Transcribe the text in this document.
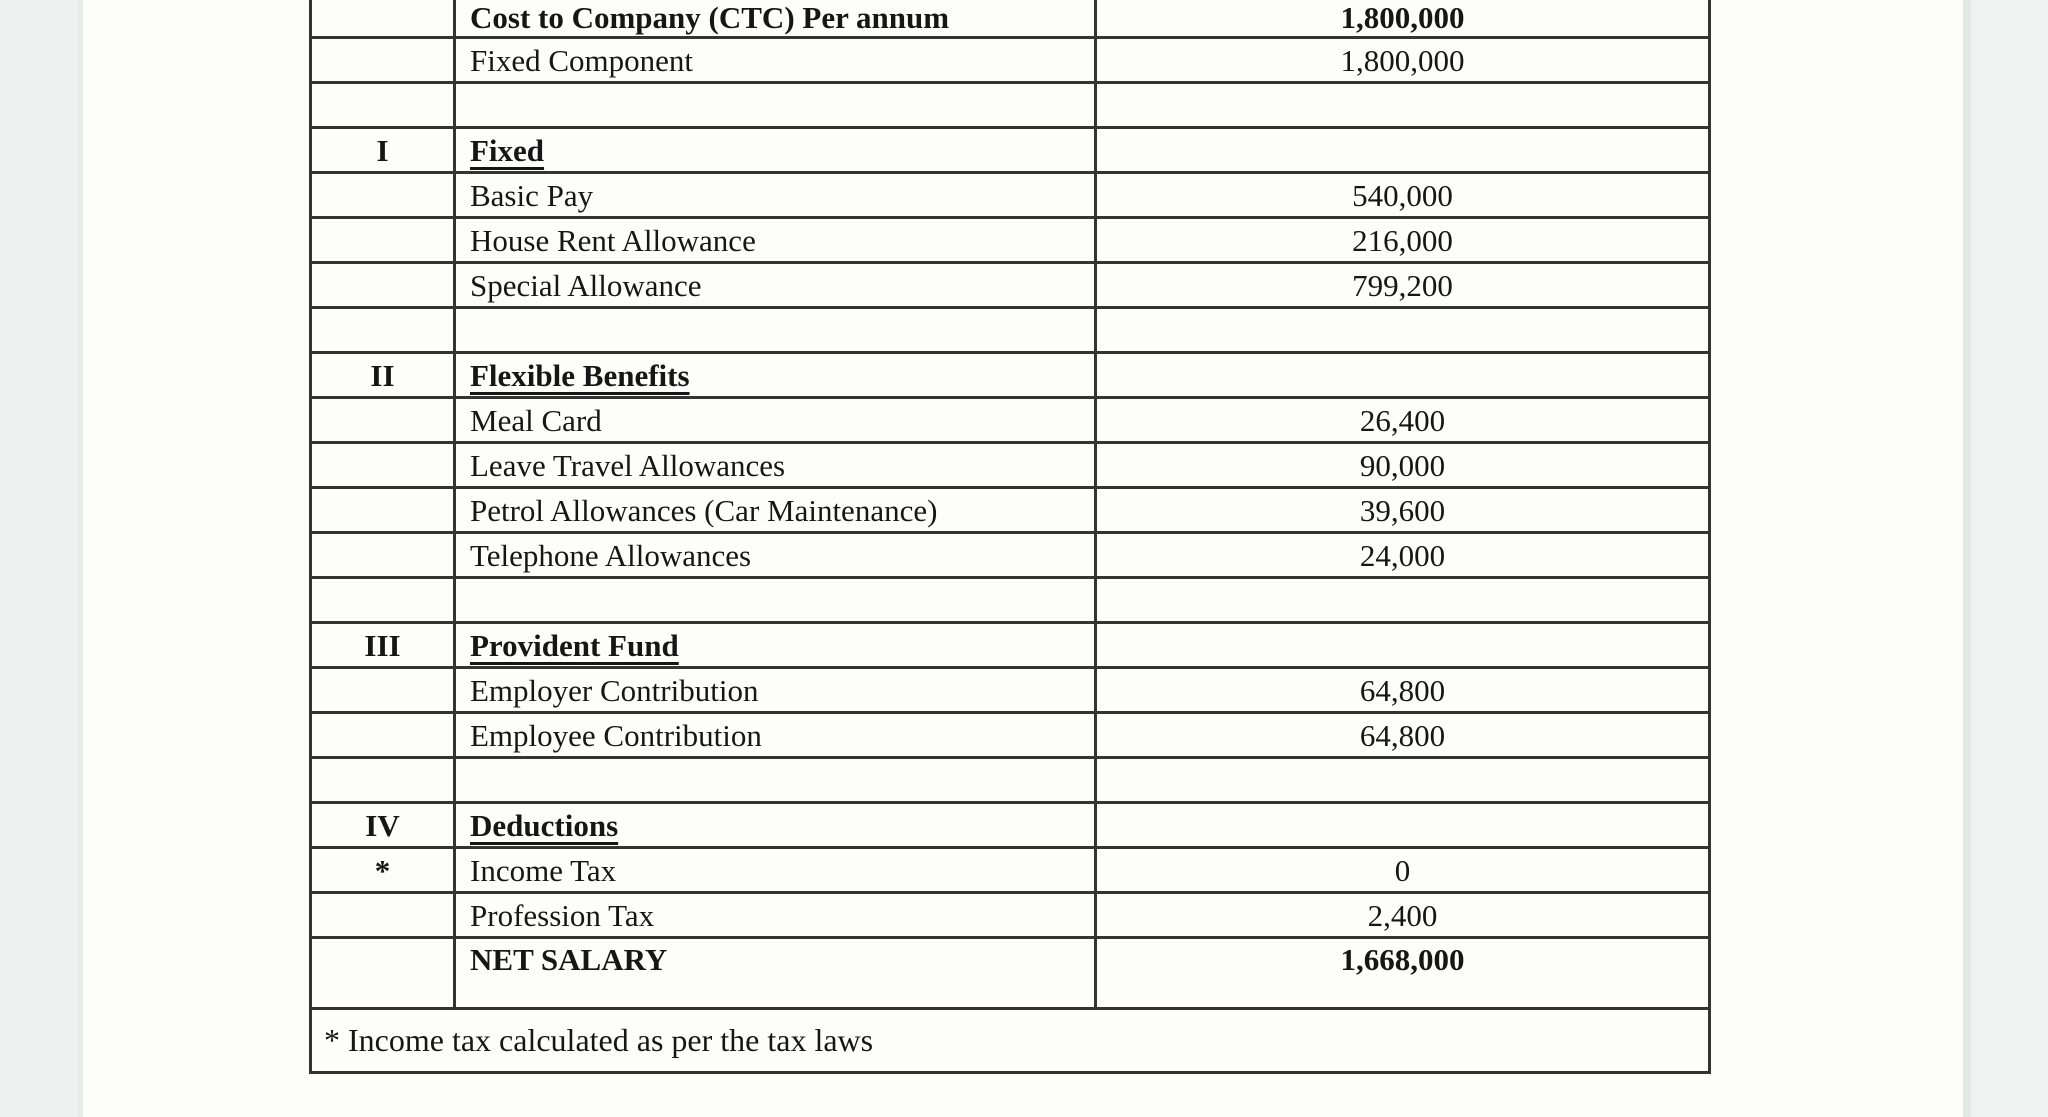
Cost to Company (CTC) Per annum	1,800,000
Fixed Component	1,800,000
I	Fixed
Basic Pay	540,000
House Rent Allowance	216,000
Special Allowance	799,200
II Flexible Benefits
Meal Card	26,400
Leave Travel Allowances	90,000
Petrol Allowances (Car Maintenance)	39,600
Telephone Allowances	24,000
III Provident Fund
Employer Contribution	64,800
Employee Contribution	64,800
IV Deductions
*	Income Tax	0
Profession Tax	2,400
NET SALARY	1,668,000
* Income tax calculated as per the tax laws
